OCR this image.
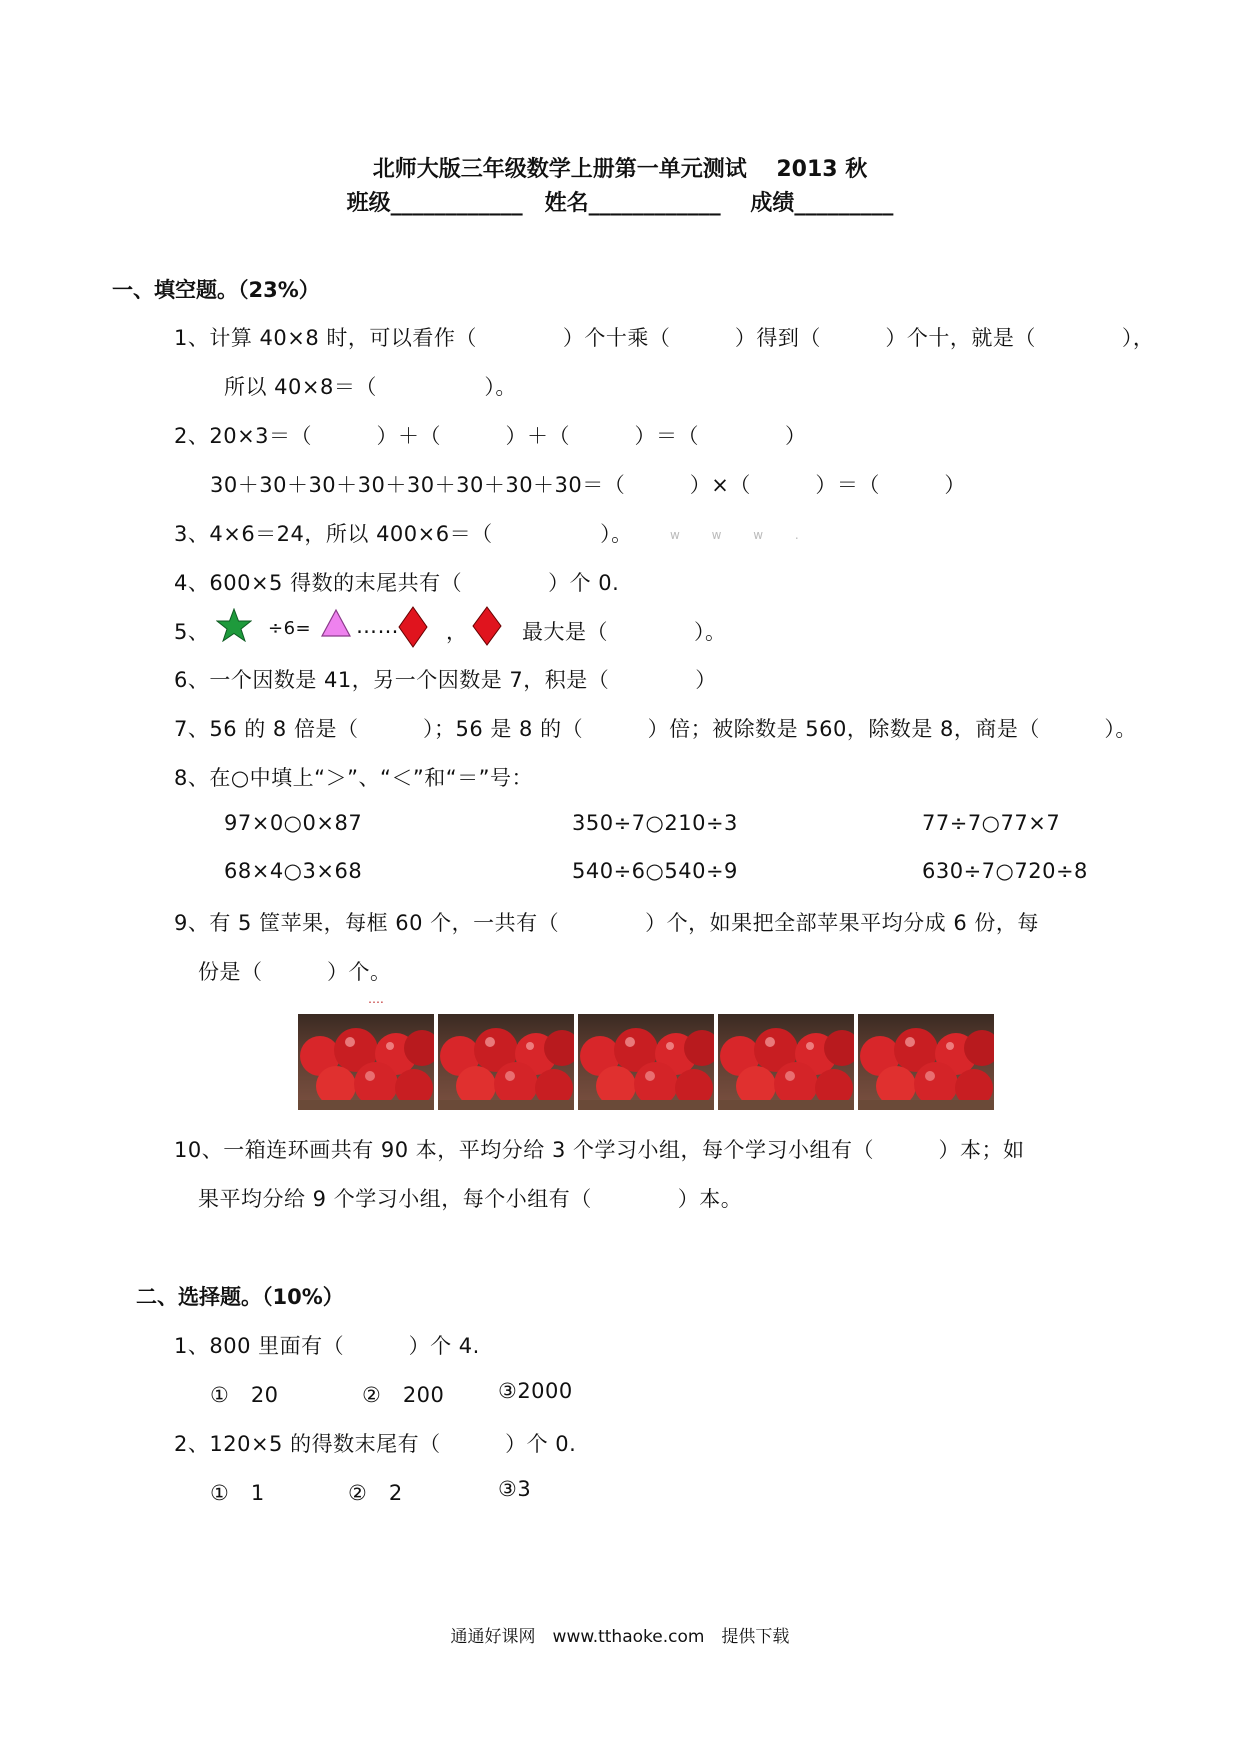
北师大版三年级数学上册第一单元测试　 2013 秋
班级____________　姓名____________　 成绩_________
一、填空题。（23%）
1、计算 40×8 时，可以看作（　　　　）个十乘（　　　）得到（　　　）个十，就是（　　　　），
所以 40×8＝（　　　　　）。
2、20×3＝（　　　）＋（　　　）＋（　　　）＝（　　　　）
30＋30＋30＋30＋30＋30＋30＋30＝（　　　）×（　　　）＝（　　　）
3、4×6＝24，所以 400×6＝（　　　　　）。	w w w .
4、600×5 得数的末尾共有（　　　　）个 0.
5、	÷6= …… ，	最大是（　　　　）。
6、一个因数是 41，另一个因数是 7，积是（　　　　）
7、56 的 8 倍是（　　　）；56 是 8 的（　　　）倍；被除数是 560，除数是 8，商是（　　　）。
8、在○中填上“＞”、“＜”和“＝”号：
97×0○0×87	350÷7○210÷3	77÷7○77×7
68×4○3×68	540÷6○540÷9	630÷7○720÷8
9、有 5 筐苹果，每框 60 个，一共有（　　　　）个，如果把全部苹果平均分成 6 份，每
份是（　　　）个。
….
10、一箱连环画共有 90 本，平均分给 3 个学习小组，每个学习小组有（　　　）本；如
果平均分给 9 个学习小组，每个小组有（　　　　）本。
二、选择题。（10%）
1、800 里面有（　　　）个 4.
①　20	②　200	③2000
2、120×5 的得数末尾有（　　　）个 0.
①　1	②　2	③3
通通好课网　www.tthaoke.com　提供下载
